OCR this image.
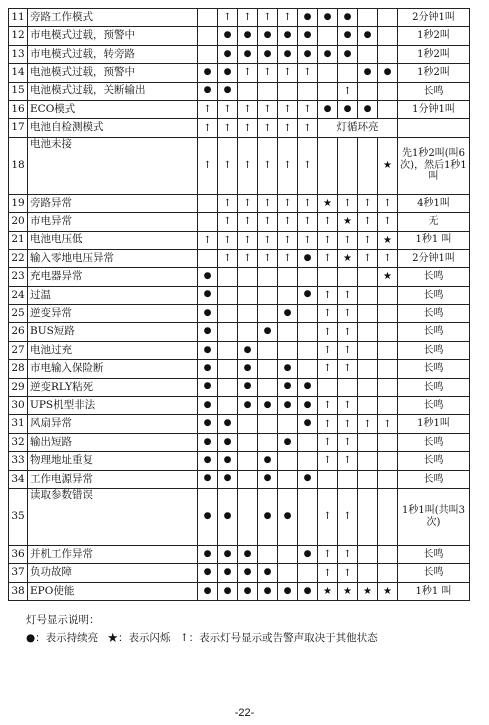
11	旁路工作模式		↑	↑	↑	↑	●	●	●			2分钟1叫
12	市电模式过载，预警中		●	●	●	●	●		●	●		1秒2叫
13	市电模式过载，转旁路		●	●	●	●	●	●	●			1秒2叫
14	电池模式过载，预警中	●	●	↑	↑	↑	↑			●	●	1秒2叫
15	电池模式过载，关断输出	●	●						↑			长鸣
16	ECO模式	↑	↑	↑	↑	↑	↑	●	●	●		1分钟1叫
17	电池自检测模式	↑	↑	↑	↑	↑	↑	灯循环亮				
18	电池未接	↑	↑	↑	↑	↑	↑				★	先1秒2叫(叫6次)，然后1秒1叫
19	旁路异常		↑	↑	↑	↑	↑	★	↑	↑	↑	4秒1叫
20	市电异常		↑	↑	↑	↑	↑	↑	★	↑	↑	无
21	电池电压低	↑	↑	↑	↑	↑	↑	↑	↑	↑	★	1秒1 叫
22	输入零地电压异常		↑	↑	↑	↑	●	↑	★	↑	↑	2分钟1叫
23	充电器异常	●									★	长鸣
24	过温	●					●	↑	↑			长鸣
25	逆变异常	●				●		↑	↑			长鸣
26	BUS短路	●			●			↑	↑			长鸣
27	电池过充	●		●				↑	↑			长鸣
28	市电输入保险断	●		●		●		↑	↑			长鸣
29	逆变RLY粘死	●		●		●	●					长鸣
30	UPS机型非法	●		●	●	●	●	↑	↑			长鸣
31	风扇异常	●	●				●	↑	↑	↑	↑	1秒1叫
32	输出短路	●	●			●		↑	↑			长鸣
33	物理地址重复	●	●		●			↑	↑			长鸣
34	工作电源异常	●	●		●		●					长鸣
35	读取参数错误	●	●		●	●		↑	↑			1秒1叫(共叫3次)
36	并机工作异常	●	●	●			●	↑	↑			长鸣
37	负功故障	●	●	●	●			↑	↑			长鸣
38	EPO使能	●	●	●	●	●	●	★	★	★	★	1秒1 叫
灯号显示说明：
●：表示持续亮 ★：表示闪烁 ↑：表示灯号显示或告警声取决于其他状态
-22-
